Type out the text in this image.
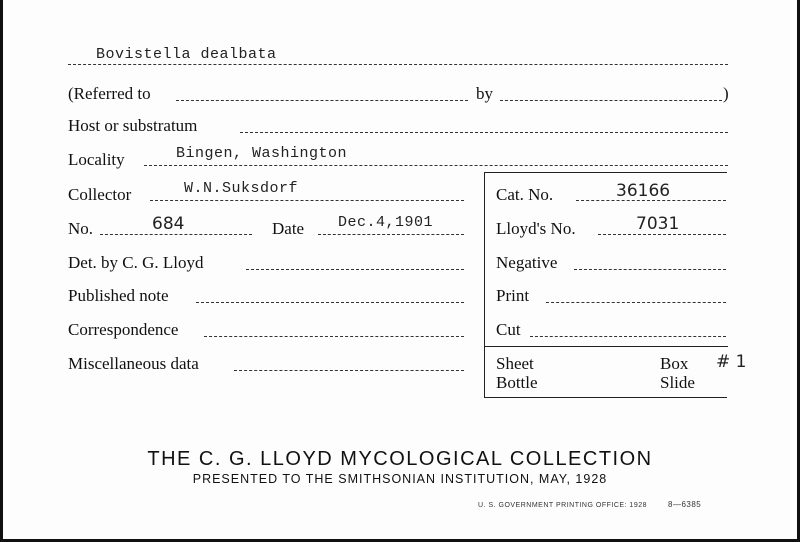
Bovistella dealbata
(Referred to	by	)
Host or substratum
Locality	Bingen, Washington
Collector	W.N.Suksdorf	Cat. No.	36166
No.	684	Date Dec.4,1901	Lloyd's No.	7031
Det. by C. G. Lloyd	Negative
Published note	Print
Correspondence	Cut
Miscellaneous data	Sheet	Box # 1
Bottle	Slide
THE C. G. LLOYD MYCOLOGICAL COLLECTION
PRESENTED TO THE SMITHSONIAN INSTITUTION, MAY, 1928
U. S. GOVERNMENT PRINTING OFFICE: 1928	8—6385
